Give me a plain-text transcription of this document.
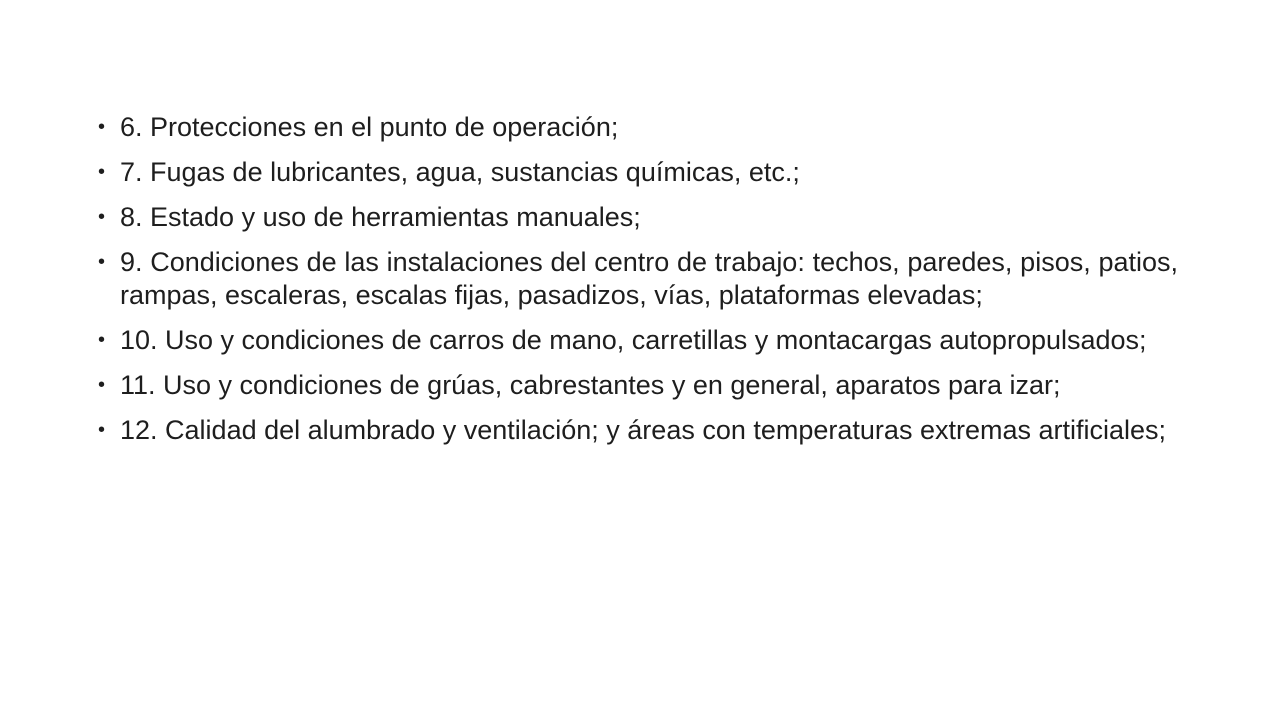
• 6. Protecciones en el punto de operación;
• 7. Fugas de lubricantes, agua, sustancias químicas, etc.;
• 8. Estado y uso de herramientas manuales;
• 9. Condiciones de las instalaciones del centro de trabajo: techos, paredes, pisos, patios, rampas, escaleras, escalas fijas, pasadizos, vías, plataformas elevadas;
• 10. Uso y condiciones de carros de mano, carretillas y montacargas autopropulsados;
• 11. Uso y condiciones de grúas, cabrestantes y en general, aparatos para izar;
• 12. Calidad del alumbrado y ventilación; y áreas con temperaturas extremas artificiales;
